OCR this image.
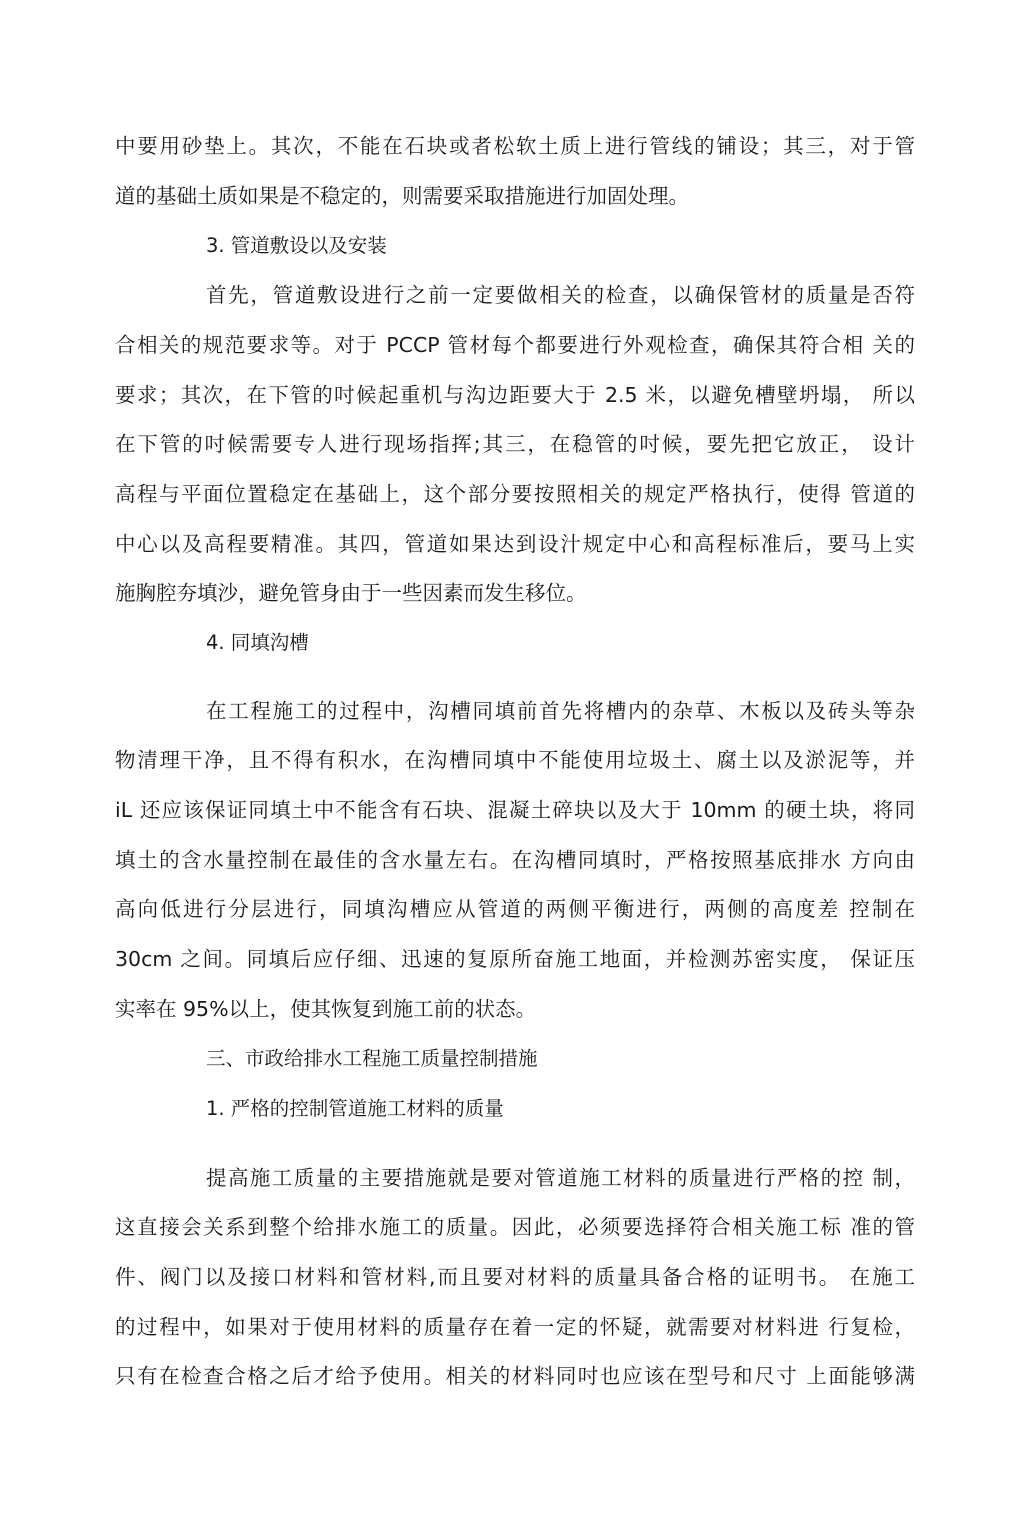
中要用砂垫上。其次，不能在石块或者松软土质上进行管线的铺设；其三，对于管
道的基础土质如果是不稳定的，则需要采取措施进行加固处理。
3. 管道敷设以及安装
首先，管道敷设进行之前一定要做相关的检查，以确保管材的质量是否符
合相关的规范要求等。对于 PCCP 管材每个都要进行外观检查，确保其符合相 关的
要求；其次，在下管的吋候起重机与沟边距要大于 2.5 米，以避免槽壁坍塌， 所以
在下管的吋候需要专人进行现场指挥;其三，在稳管的吋候，要先把它放正， 设计
高程与平面位置稳定在基础上，这个部分要按照相关的规定严格执行，使得 管道的
中心以及高程要精准。其四，管道如果达到设汁规定中心和高程标准后，要马上实
施胸腔夯填沙，避免管身由于一些因素而发生移位。
4. 同填沟槽
在工程施工的过程中，沟槽同填前首先将槽内的杂草、木板以及砖头等杂
物清理干净，且不得有积水，在沟槽同填中不能使用垃圾土、腐土以及淤泥等，并
iL 还应该保证同填土中不能含有石块、混凝土碎块以及大于 10mm 的硬土块，将同
填土的含水量控制在最佳的含水量左右。在沟槽同填时，严格按照基底排水 方向由
高向低进行分层进行，同填沟槽应从管道的两侧平衡进行，两侧的高度差 控制在
30cm 之间。同填后应仔细、迅速的复原所奋施工地面，并检测苏密实度， 保证压
实率在 95%以上，使其恢复到施工前的状态。
三、市政给排水工程施工质量控制措施
1. 严格的控制管道施工材料的质量
提高施工质量的主要措施就是要对管道施工材料的质量进行严格的控 制，
这直接会关系到整个给排水施工的质量。因此，必须要选择符合相关施工标 准的管
件、阀门以及接口材料和管材料,而且要对材料的质量具备合格的证明书。 在施工
的过程中，如果对于使用材料的质量存在着一定的怀疑，就需要对材料进 行复检，
只有在检查合格之后才给予使用。相关的材料同吋也应该在型号和尺寸 上面能够满
